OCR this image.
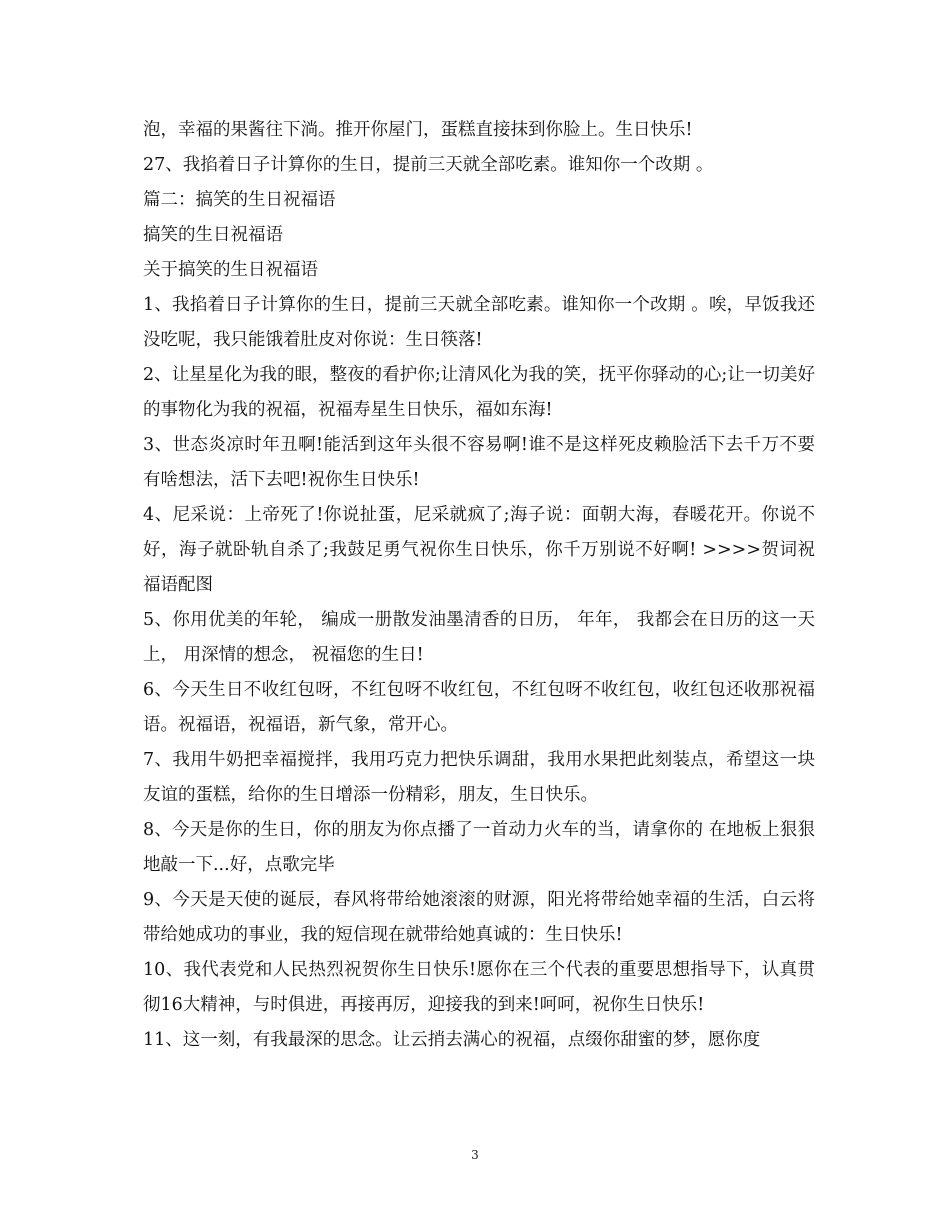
泡，幸福的果酱往下淌。推开你屋门，蛋糕直接抹到你脸上。生日快乐!

27、我掐着日子计算你的生日，提前三天就全部吃素。谁知你一个改期 。

篇二：搞笑的生日祝福语

搞笑的生日祝福语

关于搞笑的生日祝福语

1、我掐着日子计算你的生日，提前三天就全部吃素。谁知你一个改期 。唉，早饭我还没吃呢，我只能饿着肚皮对你说：生日筷落!

2、让星星化为我的眼，整夜的看护你;让清风化为我的笑，抚平你驿动的心;让一切美好的事物化为我的祝福，祝福寿星生日快乐，福如东海!

3、世态炎凉时年丑啊!能活到这年头很不容易啊!谁不是这样死皮赖脸活下去千万不要有啥想法，活下去吧!祝你生日快乐!

4、尼采说：上帝死了!你说扯蛋，尼采就疯了;海子说：面朝大海，春暖花开。你说不好，海子就卧轨自杀了;我鼓足勇气祝你生日快乐，你千万别说不好啊! >>>>贺词祝福语配图

5、你用优美的年轮， 编成一册散发油墨清香的日历， 年年， 我都会在日历的这一天上， 用深情的想念， 祝福您的生日!

6、今天生日不收红包呀，不红包呀不收红包，不红包呀不收红包，收红包还收那祝福语。祝福语，祝福语，新气象，常开心。

7、我用牛奶把幸福搅拌，我用巧克力把快乐调甜，我用水果把此刻装点，希望这一块友谊的蛋糕，给你的生日增添一份精彩，朋友，生日快乐。

8、今天是你的生日，你的朋友为你点播了一首动力火车的当，请拿你的 在地板上狠狠地敲一下...好，点歌完毕

9、今天是天使的诞辰，春风将带给她滚滚的财源，阳光将带给她幸福的生活，白云将带给她成功的事业，我的短信现在就带给她真诚的：生日快乐!

10、我代表党和人民热烈祝贺你生日快乐!愿你在三个代表的重要思想指导下，认真贯彻16大精神，与时俱进，再接再厉，迎接我的到来!呵呵，祝你生日快乐!

11、这一刻，有我最深的思念。让云捎去满心的祝福，点缀你甜蜜的梦，愿你度

3
